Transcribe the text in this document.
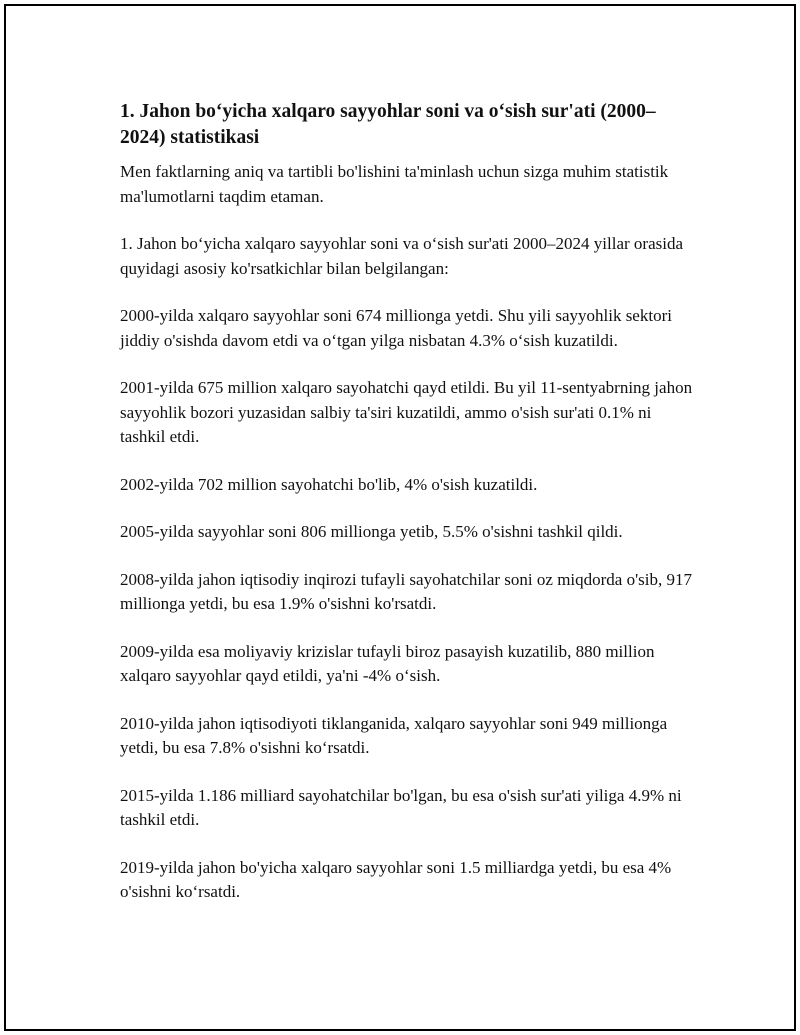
1. Jahon bo‘yicha xalqaro sayyohlar soni va o‘sish sur'ati (2000–2024) statistikasi

Men faktlarning aniq va tartibli bo'lishini ta'minlash uchun sizga muhim statistik ma'lumotlarni taqdim etaman.

1. Jahon bo‘yicha xalqaro sayyohlar soni va o‘sish sur'ati 2000–2024 yillar orasida quyidagi asosiy ko'rsatkichlar bilan belgilangan:

2000-yilda xalqaro sayyohlar soni 674 millionga yetdi. Shu yili sayyohlik sektori jiddiy o'sishda davom etdi va o‘tgan yilga nisbatan 4.3% o‘sish kuzatildi.

2001-yilda 675 million xalqaro sayohatchi qayd etildi. Bu yil 11-sentyabrning jahon sayyohlik bozori yuzasidan salbiy ta'siri kuzatildi, ammo o'sish sur'ati 0.1% ni tashkil etdi.

2002-yilda 702 million sayohatchi bo'lib, 4% o'sish kuzatildi.

2005-yilda sayyohlar soni 806 millionga yetib, 5.5% o'sishni tashkil qildi.

2008-yilda jahon iqtisodiy inqirozi tufayli sayohatchilar soni oz miqdorda o'sib, 917 millionga yetdi, bu esa 1.9% o'sishni ko'rsatdi.

2009-yilda esa moliyaviy krizislar tufayli biroz pasayish kuzatilib, 880 million xalqaro sayyohlar qayd etildi, ya'ni -4% o‘sish.

2010-yilda jahon iqtisodiyoti tiklanganida, xalqaro sayyohlar soni 949 millionga yetdi, bu esa 7.8% o'sishni ko‘rsatdi.

2015-yilda 1.186 milliard sayohatchilar bo'lgan, bu esa o'sish sur'ati yiliga 4.9% ni tashkil etdi.

2019-yilda jahon bo'yicha xalqaro sayyohlar soni 1.5 milliardga yetdi, bu esa 4% o'sishni ko‘rsatdi.
